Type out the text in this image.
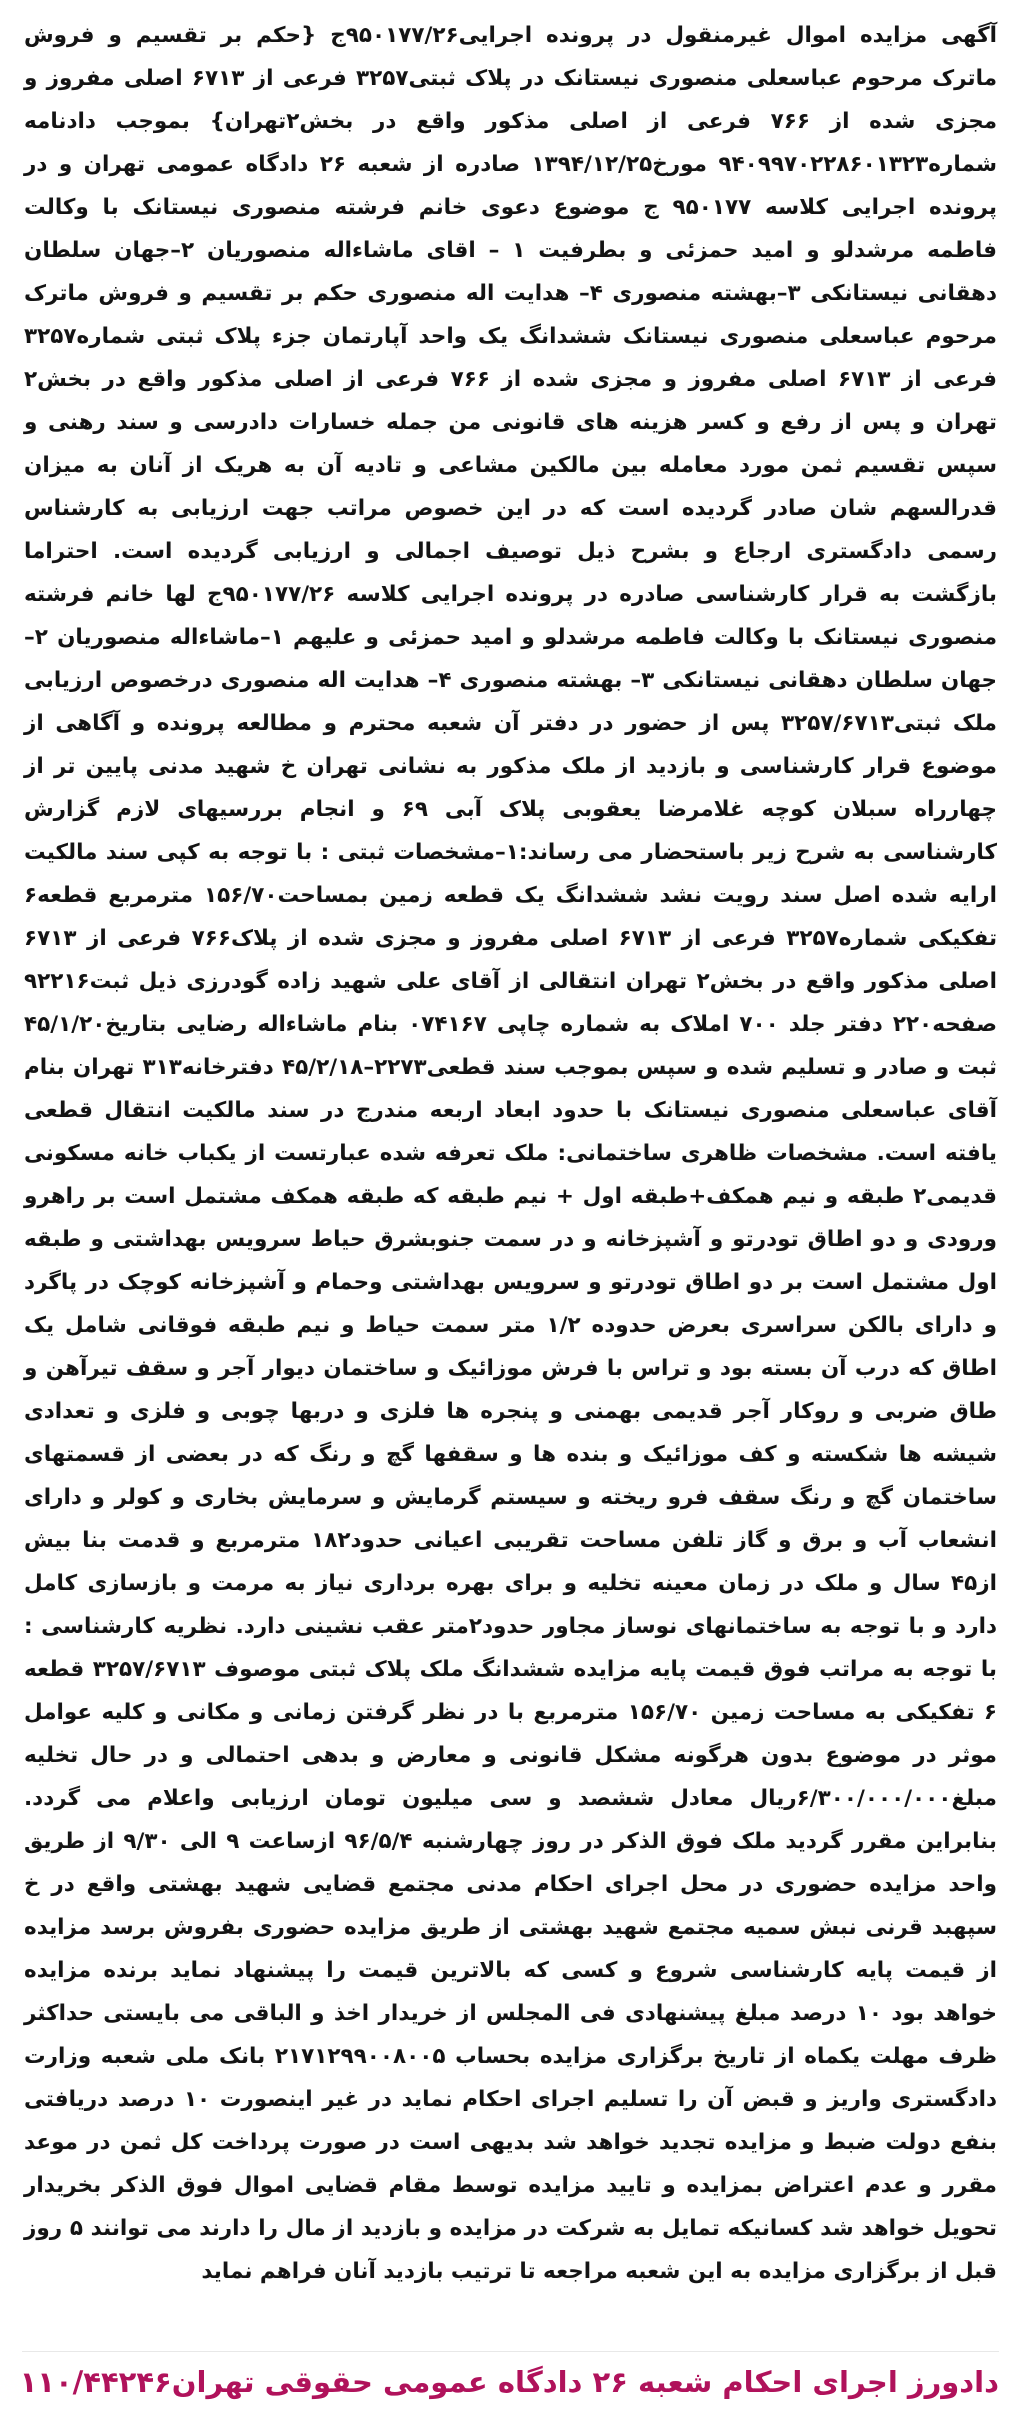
آگهی مزایده اموال غیرمنقول در پرونده اجرایی۹۵۰۱۷۷/۲۶ج {حکم بر تقسیم و فروش ماترک مرحوم عباسعلی منصوری نیستانک در پلاک ثبتی۳۲۵۷ فرعی از ۶۷۱۳ اصلی مفروز و مجزی شده از ۷۶۶ فرعی از اصلی مذکور واقع در بخش۲تهران} بموجب دادنامه شماره۹۴۰۹۹۷۰۲۲۸۶۰۱۳۲۳ مورخ۱۳۹۴/۱۲/۲۵ صادره از شعبه ۲۶ دادگاه عمومی تهران و در پرونده اجرایی کلاسه ۹۵۰۱۷۷ ج موضوع دعوی خانم فرشته منصوری نیستانک با وکالت فاطمه مرشدلو و امید حمزئی و بطرفیت ۱ – اقای ماشاءاله منصوریان ۲–جهان سلطان دهقانی نیستانکی ۳–بهشته منصوری ۴– هدایت اله منصوری حکم بر تقسیم و فروش ماترک مرحوم عباسعلی منصوری نیستانک ششدانگ یک واحد آپارتمان جزء پلاک ثبتی شماره۳۲۵۷ فرعی از ۶۷۱۳ اصلی مفروز و مجزی شده از ۷۶۶ فرعی از اصلی مذکور واقع در بخش۲ تهران و پس از رفع و کسر هزینه های قانونی من جمله خسارات دادرسی و سند رهنی و سپس تقسیم ثمن مورد معامله بین مالکین مشاعی و تادیه آن به هریک از آنان به میزان قدرالسهم شان صادر گردیده است که در این خصوص مراتب جهت ارزیابی به کارشناس رسمی دادگستری ارجاع و بشرح ذیل توصیف اجمالی و ارزیابی گردیده است. احتراما بازگشت به قرار کارشناسی صادره در پرونده اجرایی کلاسه ۹۵۰۱۷۷/۲۶ج لها خانم فرشته منصوری نیستانک با وکالت فاطمه مرشدلو و امید حمزئی و علیهم ۱–ماشاءاله منصوریان ۲– جهان سلطان دهقانی نیستانکی ۳– بهشته منصوری ۴– هدایت اله منصوری درخصوص ارزیابی ملک ثبتی۳۲۵۷/۶۷۱۳ پس از حضور در دفتر آن شعبه محترم و مطالعه پرونده و آگاهی از موضوع قرار کارشناسی و بازدید از ملک مذکور به نشانی تهران خ شهید مدنی پایین تر از چهارراه سبلان کوچه غلامرضا یعقوبی پلاک آبی ۶۹ و انجام بررسیهای لازم گزارش کارشناسی به شرح زیر باستحضار می رساند:۱–مشخصات ثبتی : با توجه به کپی سند مالکیت ارایه شده اصل سند رویت نشد ششدانگ یک قطعه زمین بمساحت۱۵۶/۷۰ مترمربع قطعه۶ تفکیکی شماره۳۲۵۷ فرعی از ۶۷۱۳ اصلی مفروز و مجزی شده از پلاک۷۶۶ فرعی از ۶۷۱۳ اصلی مذکور واقع در بخش۲ تهران انتقالی از آقای علی شهید زاده گودرزی ذیل ثبت۹۲۲۱۶ صفحه۲۲۰ دفتر جلد ۷۰۰ املاک به شماره چاپی ۰۷۴۱۶۷ بنام ماشاءاله رضایی بتاریخ۴۵/۱/۲۰ ثبت و صادر و تسلیم شده و سپس بموجب سند قطعی۲۲۷۳–۴۵/۲/۱۸ دفترخانه۳۱۳ تهران بنام آقای عباسعلی منصوری نیستانک با حدود ابعاد اربعه مندرج در سند مالکیت انتقال قطعی یافته است. مشخصات ظاهری ساختمانی: ملک تعرفه شده عبارتست از یکباب خانه مسکونی قدیمی۲ طبقه و نیم همکف+طبقه اول + نیم طبقه که طبقه همکف مشتمل است بر راهرو ورودی و دو اطاق تودرتو و آشپزخانه و در سمت جنوبشرق حیاط سرویس بهداشتی و طبقه اول مشتمل است بر دو اطاق تودرتو و سرویس بهداشتی وحمام و آشپزخانه کوچک در پاگرد و دارای بالکن سراسری بعرض حدوده ۱/۲ متر سمت حیاط و نیم طبقه فوقانی شامل یک اطاق که درب آن بسته بود و تراس با فرش موزائیک و ساختمان دیوار آجر و سقف تیرآهن و طاق ضربی و روکار آجر قدیمی بهمنی و پنجره ها فلزی و دربها چوبی و فلزی و تعدادی شیشه ها شکسته و کف موزائیک و بنده ها و سقفها گچ و رنگ که در بعضی از قسمتهای ساختمان گچ و رنگ سقف فرو ریخته و سیستم گرمایش و سرمایش بخاری و کولر و دارای انشعاب آب و برق و گاز تلفن مساحت تقریبی اعیانی حدود۱۸۲ مترمربع و قدمت بنا بیش از۴۵ سال و ملک در زمان معینه تخلیه و برای بهره برداری نیاز به مرمت و بازسازی کامل دارد و با توجه به ساختمانهای نوساز مجاور حدود۲متر عقب نشینی دارد. نظریه کارشناسی : با توجه به مراتب فوق قیمت پایه مزایده ششدانگ ملک پلاک ثبتی موصوف ۳۲۵۷/۶۷۱۳ قطعه ۶ تفکیکی به مساحت زمین ۱۵۶/۷۰ مترمربع با در نظر گرفتن زمانی و مکانی و کلیه عوامل موثر در موضوع بدون هرگونه مشکل قانونی و معارض و بدهی احتمالی و در حال تخلیه مبلغ۶/۳۰۰/۰۰۰/۰۰۰ریال معادل ششصد و سی میلیون تومان ارزیابی واعلام می گردد. بنابراین مقرر گردید ملک فوق الذکر در روز چهارشنبه ۹۶/۵/۴ ازساعت ۹ الی ۹/۳۰ از طریق واحد مزایده حضوری در محل اجرای احکام مدنی مجتمع قضایی شهید بهشتی واقع در خ سپهبد قرنی نبش سمیه مجتمع شهید بهشتی از طریق مزایده حضوری بفروش برسد مزایده از قیمت پایه کارشناسی شروع و کسی که بالاترین قیمت را پیشنهاد نماید برنده مزایده خواهد بود ۱۰ درصد مبلغ پیشنهادی فی المجلس از خریدار اخذ و الباقی می بایستی حداکثر ظرف مهلت یکماه از تاریخ برگزاری مزایده بحساب ۲۱۷۱۲۹۹۰۰۸۰۰۵ بانک ملی شعبه وزارت دادگستری واریز و قبض آن را تسلیم اجرای احکام نماید در غیر اینصورت ۱۰ درصد دریافتی بنفع دولت ضبط و مزایده تجدید خواهد شد بدیهی است در صورت پرداخت کل ثمن در موعد مقرر و عدم اعتراض بمزایده و تایید مزایده توسط مقام قضایی اموال فوق الذکر بخریدار تحویل خواهد شد کسانیکه تمایل به شرکت در مزایده و بازدید از مال را دارند می توانند ۵ روز قبل از برگزاری مزایده به این شعبه مراجعه تا ترتیب بازدید آنان فراهم نماید

دادورز اجرای احکام شعبه ۲۶ دادگاه عمومی حقوقی تهران
۱۱۰/۴۴۲۴۶
